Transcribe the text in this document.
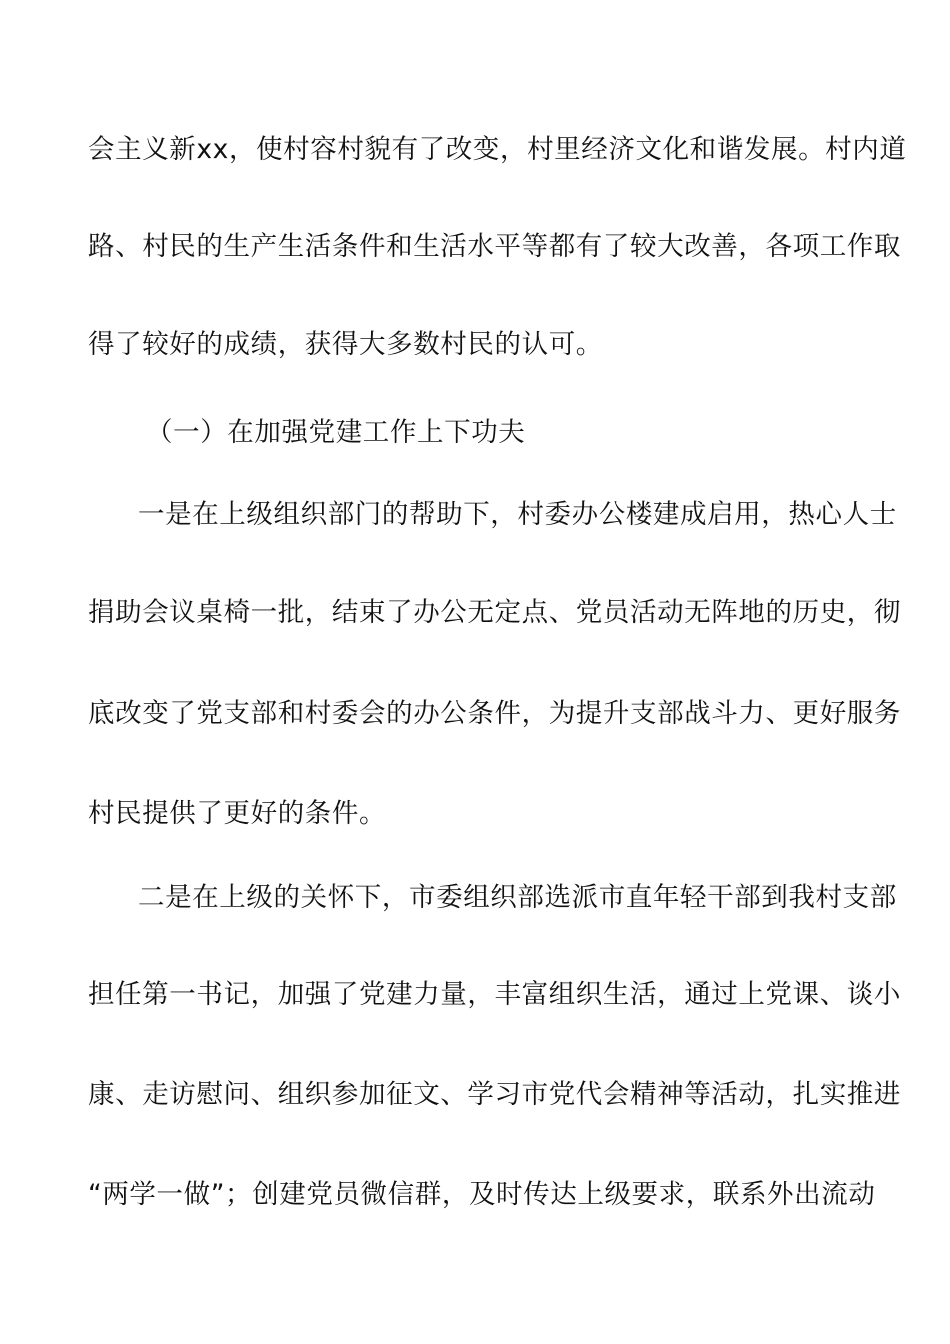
会主义新xx，使村容村貌有了改变，村里经济文化和谐发展。村内道
路、村民的生产生活条件和生活水平等都有了较大改善，各项工作取
得了较好的成绩，获得大多数村民的认可。
（一）在加强党建工作上下功夫
一是在上级组织部门的帮助下，村委办公楼建成启用，热心人士
捐助会议桌椅一批，结束了办公无定点、党员活动无阵地的历史，彻
底改变了党支部和村委会的办公条件，为提升支部战斗力、更好服务
村民提供了更好的条件。
二是在上级的关怀下，市委组织部选派市直年轻干部到我村支部
担任第一书记，加强了党建力量，丰富组织生活，通过上党课、谈小
康、走访慰问、组织参加征文、学习市党代会精神等活动，扎实推进
“两学一做”；创建党员微信群，及时传达上级要求，联系外出流动
